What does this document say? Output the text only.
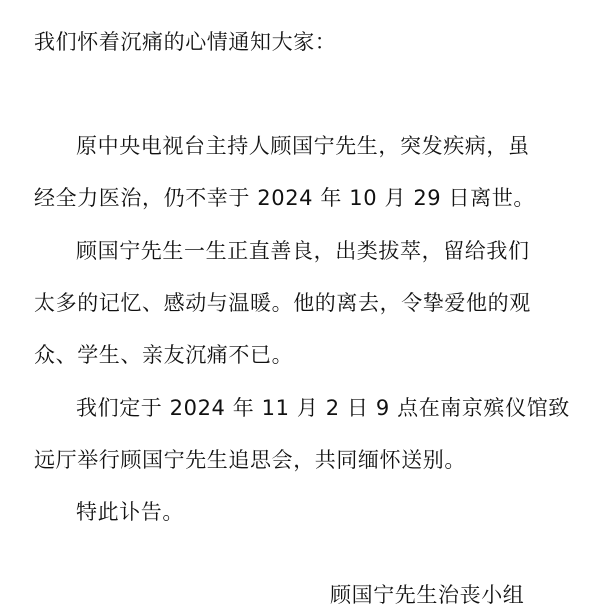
我们怀着沉痛的心情通知大家：
原中央电视台主持人顾国宁先生，突发疾病，虽
经全力医治，仍不幸于 2024 年 10 月 29 日离世。
顾国宁先生一生正直善良，出类拔萃，留给我们
太多的记忆、感动与温暖。他的离去，令挚爱他的观
众、学生、亲友沉痛不已。
我们定于 2024 年 11 月 2 日 9 点在南京殡仪馆致
远厅举行顾国宁先生追思会，共同缅怀送别。
特此讣告。
顾国宁先生治丧小组
